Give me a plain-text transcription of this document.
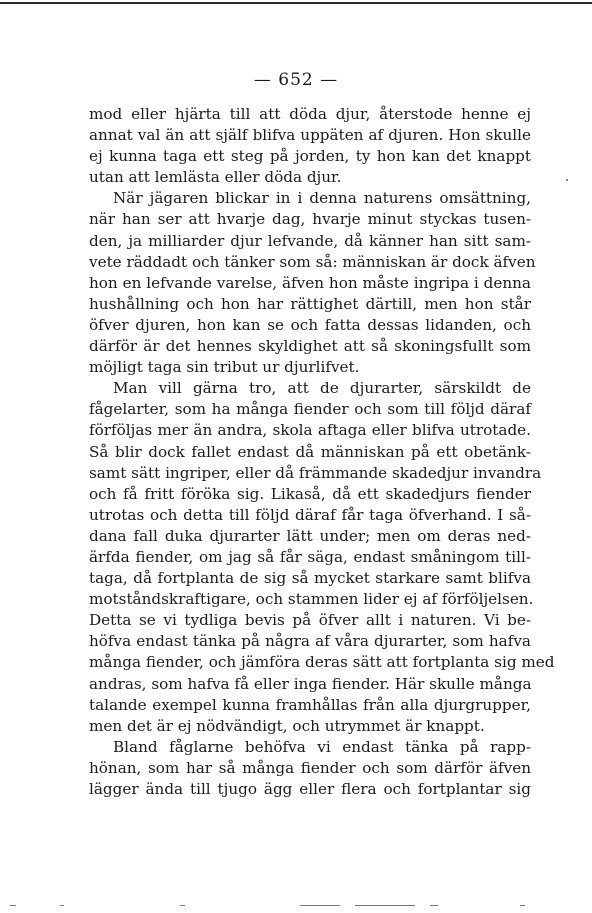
— 652 —
mod eller hjärta till att döda djur, återstode henne ej
annat val än att själf blifva uppäten af djuren. Hon skulle
ej kunna taga ett steg på jorden, ty hon kan det knappt
utan att lemlästa eller döda djur.
När jägaren blickar in i denna naturens omsättning,
när han ser att hvarje dag, hvarje minut styckas tusen-
den, ja milliarder djur lefvande, då känner han sitt sam-
vete räddadt och tänker som så: människan är dock äfven
hon en lefvande varelse, äfven hon måste ingripa i denna
hushållning och hon har rättighet därtill, men hon står
öfver djuren, hon kan se och fatta dessas lidanden, och
därför är det hennes skyldighet att så skoningsfullt som
möjligt taga sin tribut ur djurlifvet.
Man vill gärna tro, att de djurarter, särskildt de
fågelarter, som ha många fiender och som till följd däraf
förföljas mer än andra, skola aftaga eller blifva utrotade.
Så blir dock fallet endast då människan på ett obetänk-
samt sätt ingriper, eller då främmande skadedjur invandra
och få fritt föröka sig. Likaså, då ett skadedjurs fiender
utrotas och detta till följd däraf får taga öfverhand. I så-
dana fall duka djurarter lätt under; men om deras ned-
ärfda fiender, om jag så får säga, endast småningom till-
taga, då fortplanta de sig så mycket starkare samt blifva
motståndskraftigare, och stammen lider ej af förföljelsen.
Detta se vi tydliga bevis på öfver allt i naturen. Vi be-
höfva endast tänka på några af våra djurarter, som hafva
många fiender, och jämföra deras sätt att fortplanta sig med
andras, som hafva få eller inga fiender. Här skulle många
talande exempel kunna framhållas från alla djurgrupper,
men det är ej nödvändigt, och utrymmet är knappt.
Bland fåglarne behöfva vi endast tänka på rapp-
hönan, som har så många fiender och som därför äfven
lägger ända till tjugo ägg eller flera och fortplantar sig
